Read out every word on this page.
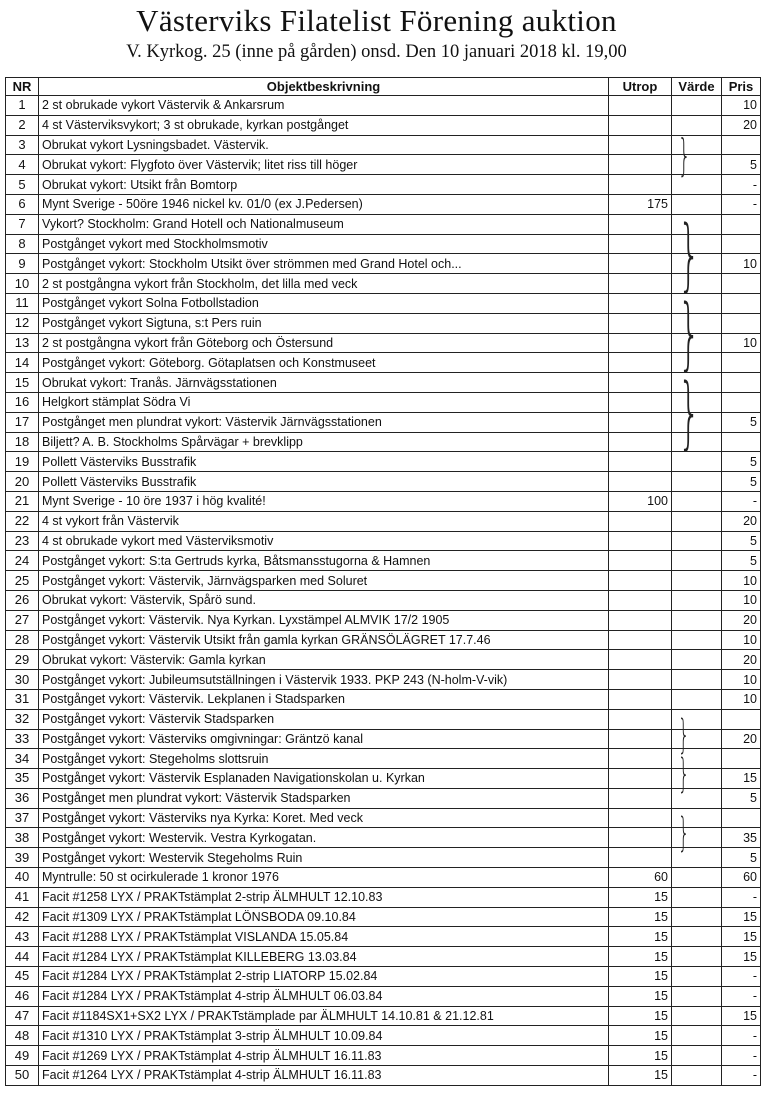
Västerviks Filatelist Förening auktion
V. Kyrkog. 25 (inne på gården) onsd. Den 10 januari 2018 kl. 19,00
NR	Objektbeskrivning	Utrop	Värde	Pris
1	2 st obrukade vykort Västervik & Ankarsrum			10
2	4 st Västerviksvykort; 3 st obrukade, kyrkan postgånget			20
3	Obrukat vykort Lysningsbadet. Västervik.			
4	Obrukat vykort: Flygfoto över Västervik; litet riss till höger			5
5	Obrukat vykort: Utsikt från Bomtorp			-
6	Mynt Sverige - 50öre 1946 nickel kv. 01/0 (ex J.Pedersen)	175		-
7	Vykort? Stockholm: Grand Hotell och Nationalmuseum			
8	Postgånget vykort med Stockholmsmotiv			
9	Postgånget vykort: Stockholm Utsikt över strömmen med Grand Hotel och...			10
10	2 st postgångna vykort från Stockholm, det lilla med veck			
11	Postgånget vykort Solna Fotbollstadion			
12	Postgånget vykort Sigtuna, s:t Pers ruin			
13	2 st postgångna vykort från Göteborg och Östersund			10
14	Postgånget vykort: Göteborg. Götaplatsen och Konstmuseet			
15	Obrukat vykort: Tranås. Järnvägsstationen			
16	Helgkort stämplat Södra Vi			
17	Postgånget men plundrat vykort: Västervik Järnvägsstationen			5
18	Biljett? A. B. Stockholms Spårvägar + brevklipp			
19	Pollett Västerviks Busstrafik			5
20	Pollett Västerviks Busstrafik			5
21	Mynt Sverige - 10 öre 1937 i hög kvalité!	100		-
22	4 st vykort från Västervik			20
23	4 st obrukade vykort med Västerviksmotiv			5
24	Postgånget vykort: S:ta Gertruds kyrka, Båtsmansstugorna & Hamnen			5
25	Postgånget vykort: Västervik, Järnvägsparken med Soluret			10
26	Obrukat vykort: Västervik, Spårö sund.			10
27	Postgånget vykort: Västervik. Nya Kyrkan. Lyxstämpel ALMVIK 17/2 1905			20
28	Postgånget vykort: Västervik Utsikt från gamla kyrkan GRÄNSÖLÄGRET 17.7.46			10
29	Obrukat vykort: Västervik: Gamla kyrkan			20
30	Postgånget vykort: Jubileumsutställningen i Västervik 1933. PKP 243 (N-holm-V-vik)			10
31	Postgånget vykort: Västervik. Lekplanen i Stadsparken			10
32	Postgånget vykort: Västervik Stadsparken			
33	Postgånget vykort: Västerviks omgivningar: Gräntzö kanal			20
34	Postgånget vykort: Stegeholms slottsruin			
35	Postgånget vykort: Västervik Esplanaden Navigationskolan u. Kyrkan			15
36	Postgånget men plundrat vykort: Västervik Stadsparken			5
37	Postgånget vykort: Västerviks nya Kyrka: Koret. Med veck			
38	Postgånget vykort: Westervik. Vestra Kyrkogatan.			35
39	Postgånget vykort: Westervik Stegeholms Ruin			5
40	Myntrulle: 50 st ocirkulerade 1 kronor 1976	60		60
41	Facit #1258 LYX / PRAKTstämplat 2-strip ÄLMHULT 12.10.83	15		-
42	Facit #1309 LYX / PRAKTstämplat LÖNSBODA 09.10.84	15		15
43	Facit #1288 LYX / PRAKTstämplat VISLANDA 15.05.84	15		15
44	Facit #1284 LYX / PRAKTstämplat KILLEBERG 13.03.84	15		15
45	Facit #1284 LYX / PRAKTstämplat 2-strip LIATORP 15.02.84	15		-
46	Facit #1284 LYX / PRAKTstämplat 4-strip ÄLMHULT 06.03.84	15		-
47	Facit #1184SX1+SX2 LYX / PRAKTstämplade par ÄLMHULT 14.10.81 & 21.12.81	15		15
48	Facit #1310 LYX / PRAKTstämplat 3-strip ÄLMHULT 10.09.84	15		-
49	Facit #1269 LYX / PRAKTstämplat 4-strip ÄLMHULT 16.11.83	15		-
50	Facit #1264 LYX / PRAKTstämplat 4-strip ÄLMHULT 16.11.83	15		-
}
}
}
}
}
}
}
